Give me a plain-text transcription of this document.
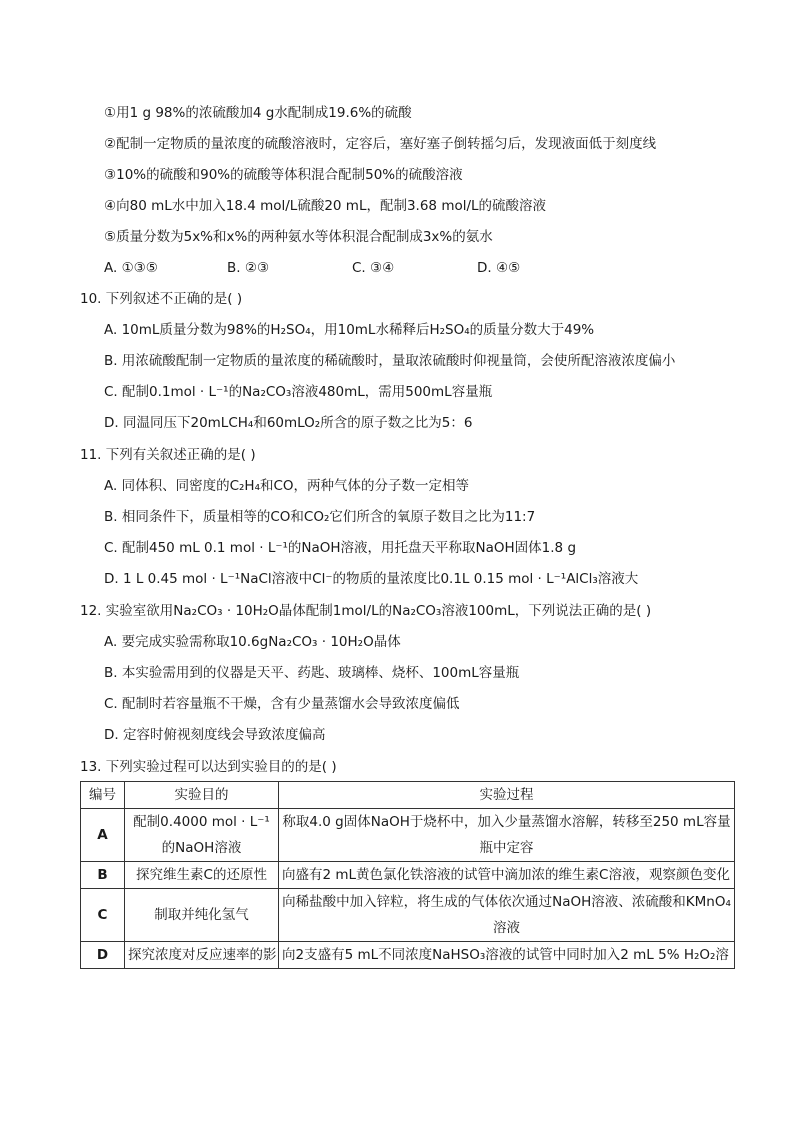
①用1 g 98%的浓硫酸加4 g水配制成19.6%的硫酸
②配制一定物质的量浓度的硫酸溶液时，定容后，塞好塞子倒转摇匀后，发现液面低于刻度线
③10%的硫酸和90%的硫酸等体积混合配制50%的硫酸溶液
④向80 mL水中加入18.4 mol/L硫酸20 mL，配制3.68 mol/L的硫酸溶液
⑤质量分数为5x%和x%的两种氨水等体积混合配制成3x%的氨水
A. ①③⑤	B. ②③	C. ③④	D. ④⑤
10. 下列叙述不正确的是( )
A. 10mL质量分数为98%的H₂SO₄，用10mL水稀释后H₂SO₄的质量分数大于49%
B. 用浓硫酸配制一定物质的量浓度的稀硫酸时，量取浓硫酸时仰视量筒，会使所配溶液浓度偏小
C. 配制0.1mol · L⁻¹的Na₂CO₃溶液480mL，需用500mL容量瓶
D. 同温同压下20mLCH₄和60mLO₂所含的原子数之比为5：6
11. 下列有关叙述正确的是( )
A. 同体积、同密度的C₂H₄和CO，两种气体的分子数一定相等
B. 相同条件下，质量相等的CO和CO₂它们所含的氧原子数目之比为11:7
C. 配制450 mL 0.1 mol · L⁻¹的NaOH溶液，用托盘天平称取NaOH固体1.8 g
D. 1 L 0.45 mol · L⁻¹NaCl溶液中Cl⁻的物质的量浓度比0.1L 0.15 mol · L⁻¹AlCl₃溶液大
12. 实验室欲用Na₂CO₃ · 10H₂O晶体配制1mol/L的Na₂CO₃溶液100mL，下列说法正确的是( )
A. 要完成实验需称取10.6gNa₂CO₃ · 10H₂O晶体
B. 本实验需用到的仪器是天平、药匙、玻璃棒、烧杯、100mL容量瓶
C. 配制时若容量瓶不干燥，含有少量蒸馏水会导致浓度偏低
D. 定容时俯视刻度线会导致浓度偏高
13. 下列实验过程可以达到实验目的的是( )
编号	实验目的	实验过程
A	配制0.4000 mol · L⁻¹的NaOH溶液	称取4.0 g固体NaOH于烧杯中，加入少量蒸馏水溶解，转移至250 mL容量瓶中定容
B	探究维生素C的还原性	向盛有2 mL黄色氯化铁溶液的试管中滴加浓的维生素C溶液，观察颜色变化
C	制取并纯化氢气	向稀盐酸中加入锌粒，将生成的气体依次通过NaOH溶液、浓硫酸和KMnO₄溶液
D	探究浓度对反应速率的影	向2支盛有5 mL不同浓度NaHSO₃溶液的试管中同时加入2 mL 5% H₂O₂溶
